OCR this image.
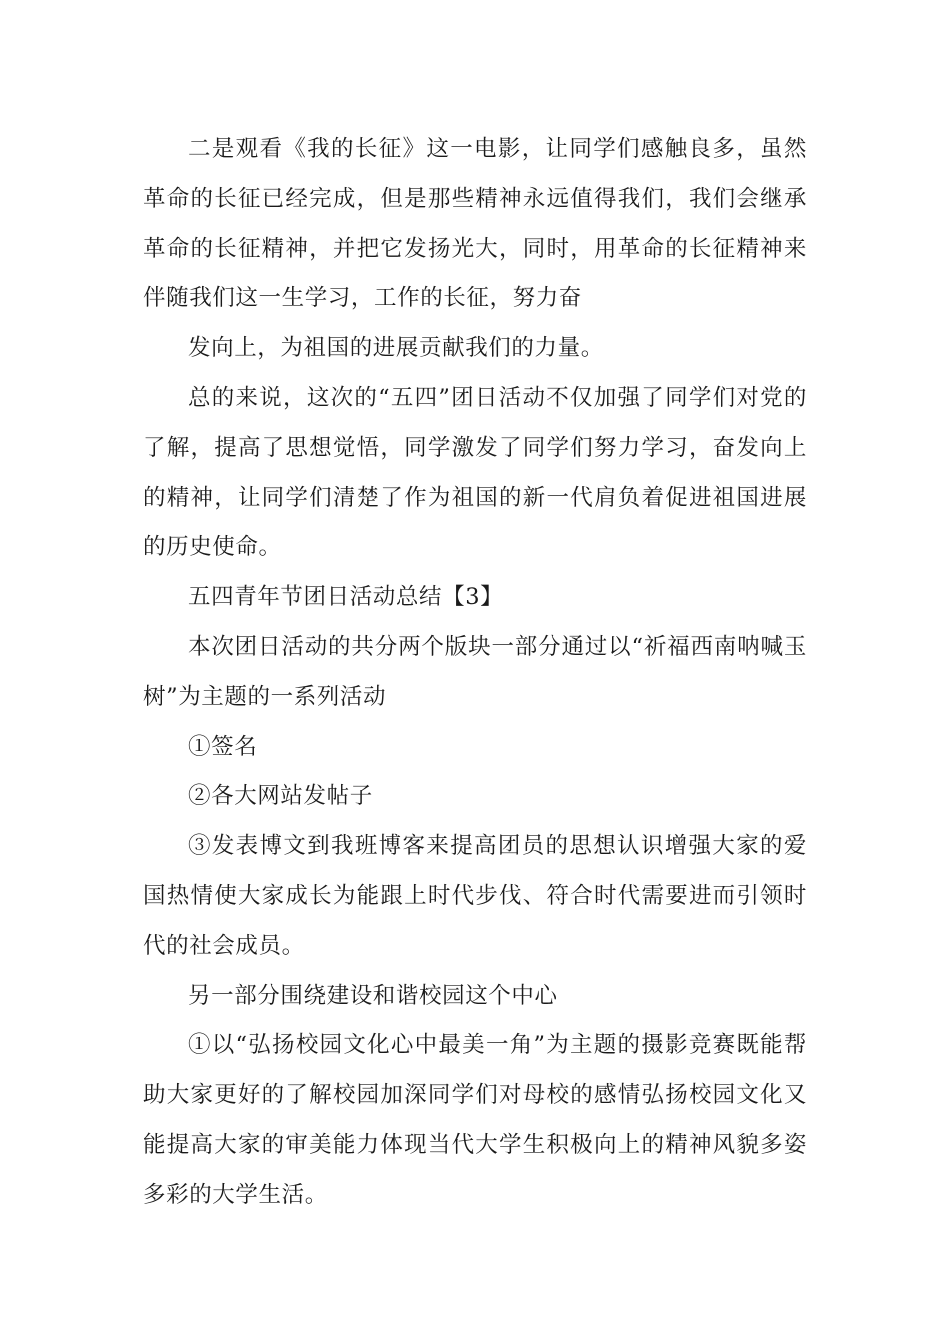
二是观看《我的长征》这一电影，让同学们感触良多，虽然革命的长征已经完成，但是那些精神永远值得我们，我们会继承革命的长征精神，并把它发扬光大，同时，用革命的长征精神来伴随我们这一生学习，工作的长征，努力奋

发向上，为祖国的进展贡献我们的力量。

总的来说，这次的“五四”团日活动不仅加强了同学们对党的了解，提高了思想觉悟，同学激发了同学们努力学习，奋发向上的精神，让同学们清楚了作为祖国的新一代肩负着促进祖国进展的历史使命。

五四青年节团日活动总结【3】

本次团日活动的共分两个版块一部分通过以“祈福西南呐喊玉树”为主题的一系列活动

①签名

②各大网站发帖子

③发表博文到我班博客来提高团员的思想认识增强大家的爱国热情使大家成长为能跟上时代步伐、符合时代需要进而引领时代的社会成员。

另一部分围绕建设和谐校园这个中心

①以“弘扬校园文化心中最美一角”为主题的摄影竞赛既能帮助大家更好的了解校园加深同学们对母校的感情弘扬校园文化又能提高大家的审美能力体现当代大学生积极向上的精神风貌多姿多彩的大学生活。
